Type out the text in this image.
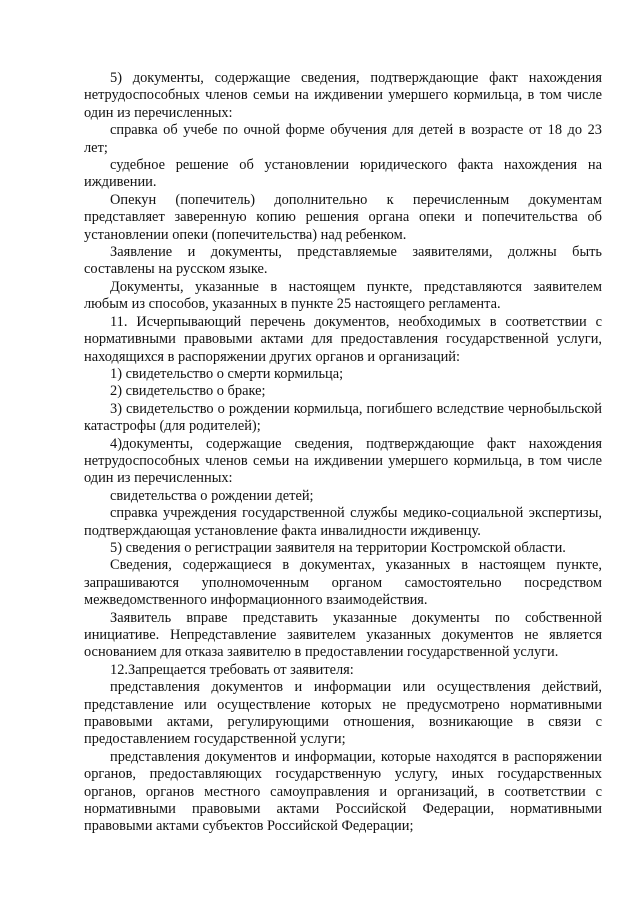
5) документы, содержащие сведения, подтверждающие факт нахождения нетрудоспособных членов семьи на иждивении умершего кормильца, в том числе один из перечисленных:

справка об учебе по очной форме обучения для детей в возрасте от 18 до 23 лет;

судебное решение об установлении юридического факта нахождения на иждивении.

Опекун (попечитель) дополнительно к перечисленным документам представляет заверенную копию решения органа опеки и попечительства об установлении опеки (попечительства) над ребенком.

Заявление и документы, представляемые заявителями, должны быть составлены на русском языке.

Документы, указанные в настоящем пункте, представляются заявителем любым из способов, указанных в пункте 25 настоящего регламента.

11. Исчерпывающий перечень документов, необходимых в соответствии с нормативными правовыми актами для предоставления государственной услуги, находящихся в распоряжении других органов и организаций:

1) свидетельство о смерти кормильца;

2) свидетельство о браке;

3) свидетельство о рождении кормильца, погибшего вследствие чернобыльской катастрофы (для родителей);

4)документы, содержащие сведения, подтверждающие факт нахождения нетрудоспособных членов семьи на иждивении умершего кормильца, в том числе один из перечисленных:

свидетельства о рождении детей;

справка учреждения государственной службы медико-социальной экспертизы, подтверждающая установление факта инвалидности иждивенцу.

5) сведения о регистрации заявителя на территории Костромской области.

Сведения, содержащиеся в документах, указанных в настоящем пункте, запрашиваются уполномоченным органом самостоятельно посредством межведомственного информационного взаимодействия.

Заявитель вправе представить указанные документы по собственной инициативе. Непредставление заявителем указанных документов не является основанием для отказа заявителю в предоставлении государственной услуги.

12.Запрещается требовать от заявителя:

представления документов и информации или осуществления действий, представление или осуществление которых не предусмотрено нормативными правовыми актами, регулирующими отношения, возникающие в связи с предоставлением государственной услуги;

представления документов и информации, которые находятся в распоряжении органов, предоставляющих государственную услугу, иных государственных органов, органов местного самоуправления и организаций, в соответствии с нормативными правовыми актами Российской Федерации, нормативными правовыми актами субъектов Российской Федерации;
